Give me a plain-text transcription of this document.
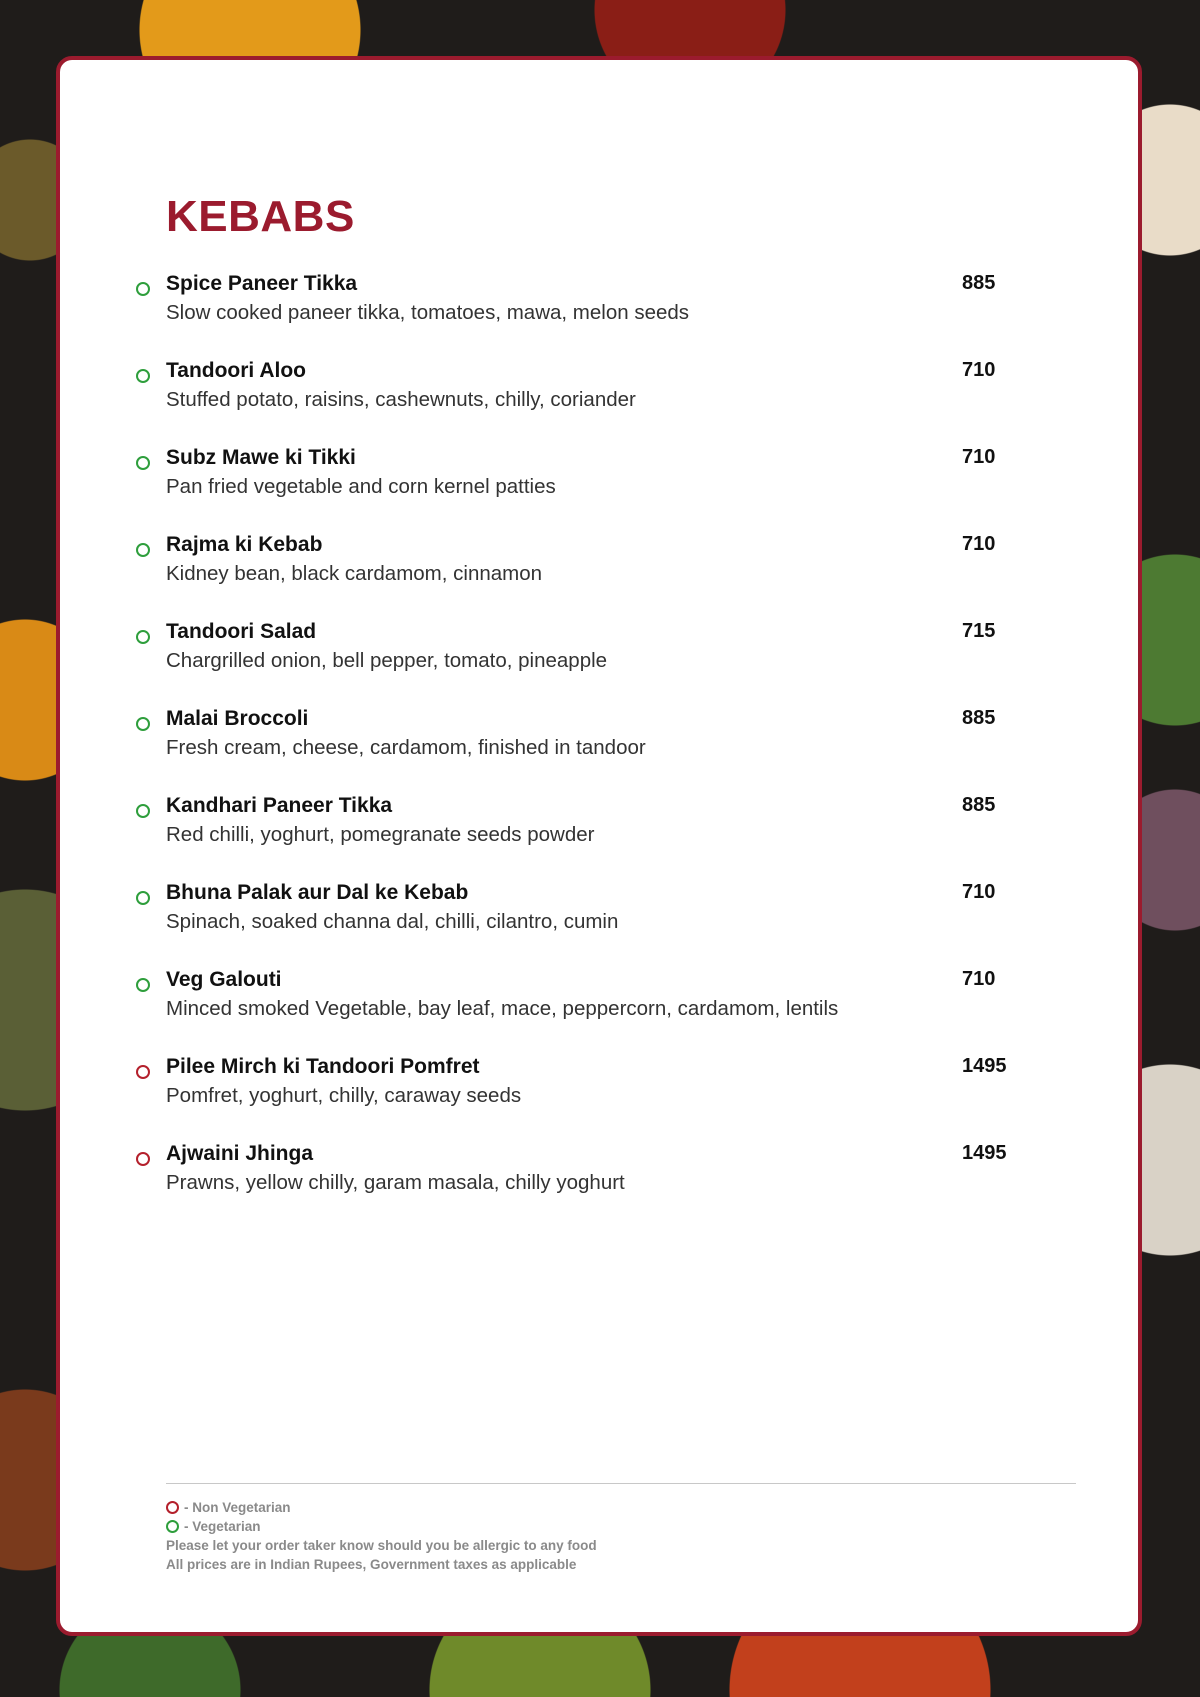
KEBABS
Spice Paneer Tikka
Slow cooked paneer tikka, tomatoes, mawa, melon seeds
885
Tandoori Aloo
Stuffed potato, raisins, cashewnuts, chilly, coriander
710
Subz Mawe ki Tikki
Pan fried vegetable and corn kernel patties
710
Rajma ki Kebab
Kidney bean, black cardamom, cinnamon
710
Tandoori Salad
Chargrilled onion, bell pepper, tomato, pineapple
715
Malai Broccoli
Fresh cream, cheese, cardamom, finished in tandoor
885
Kandhari Paneer Tikka
Red chilli, yoghurt, pomegranate seeds powder
885
Bhuna Palak aur Dal ke Kebab
Spinach, soaked channa dal, chilli, cilantro, cumin
710
Veg Galouti
Minced smoked Vegetable, bay leaf, mace, peppercorn, cardamom, lentils
710
Pilee Mirch ki Tandoori Pomfret
Pomfret, yoghurt, chilly, caraway seeds
1495
Ajwaini Jhinga
Prawns, yellow chilly, garam masala, chilly yoghurt
1495
- Non Vegetarian
- Vegetarian
Please let your order taker know should you be allergic to any food
All prices are in Indian Rupees, Government taxes as applicable
